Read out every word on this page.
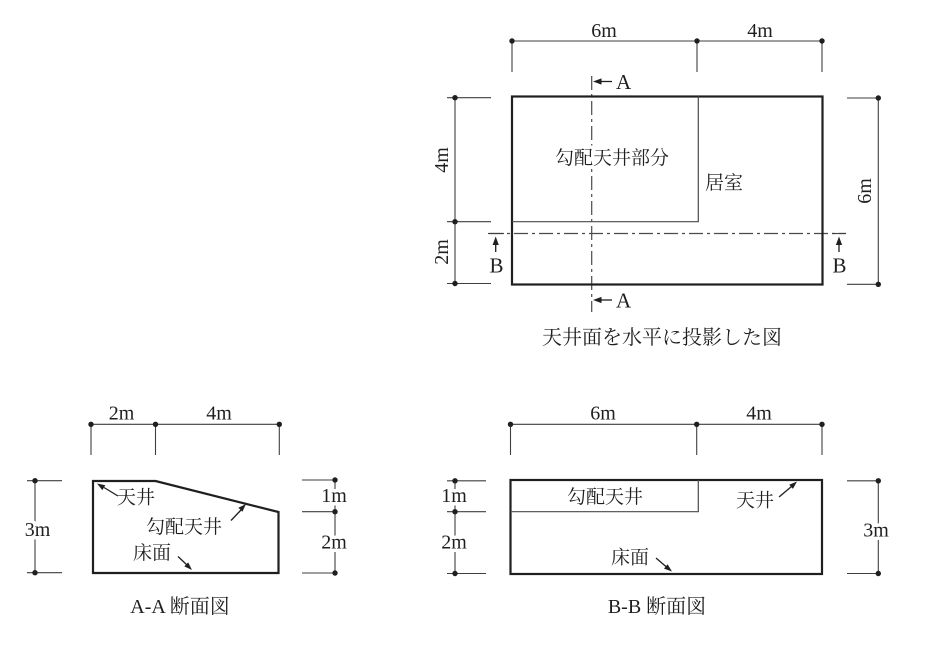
6m	4m
4m
2m
6m
A
A
B	B
勾配天井部分
居室
天井面を水平に投影した図
2m	4m
3m
1m
2m
天井
勾配天井
床面
A-A 断面図
6m	4m
1m
2m
3m
勾配天井	天井
床面
B-B 断面図
